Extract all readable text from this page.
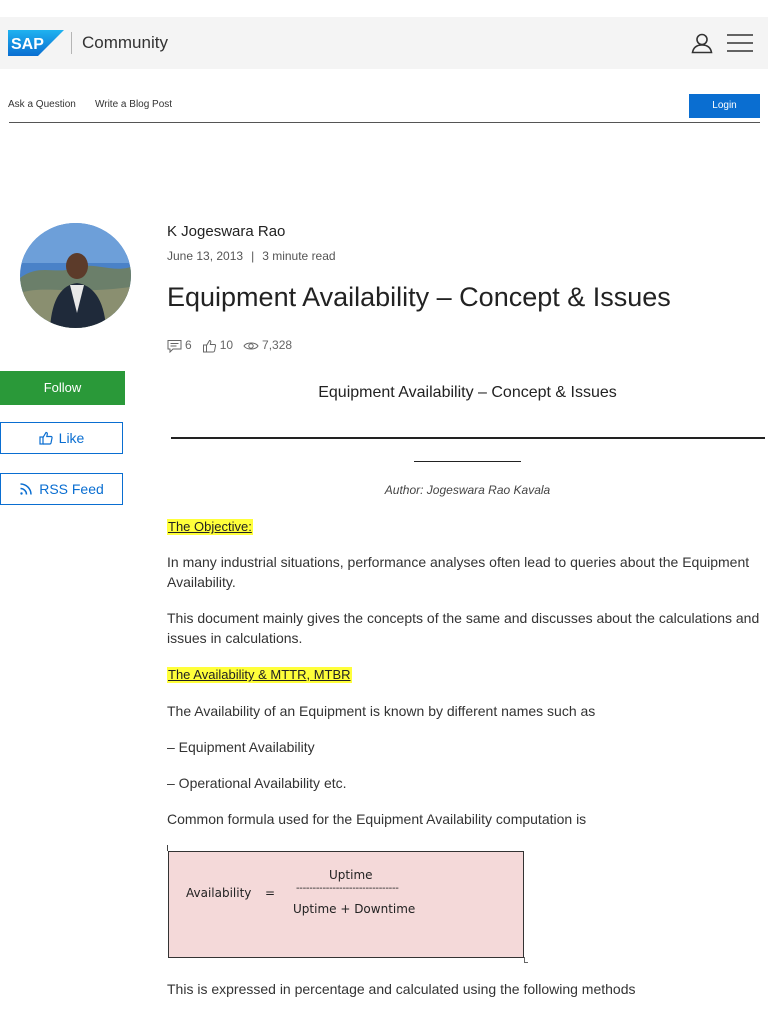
SAP Community
Ask a Question Write a Blog Post	Login
Follow
Like
RSS Feed
K Jogeswara Rao
June 13, 2013 | 3 minute read
Equipment Availability – Concept & Issues
6 10 7,328
Equipment Availability – Concept & Issues
Author: Jogeswara Rao Kavala
The Objective:

In many industrial situations, performance analyses often lead to queries about the Equipment Availability.

This document mainly gives the concepts of the same and discusses about the calculations and issues in calculations.

The Availability & MTTR, MTBR

The Availability of an Equipment is known by different names such as

– Equipment Availability

– Operational Availability etc.

Common formula used for the Equipment Availability computation is

Availability =
Uptime
-------------------------------
Uptime + Downtime

This is expressed in percentage and calculated using the following methods
